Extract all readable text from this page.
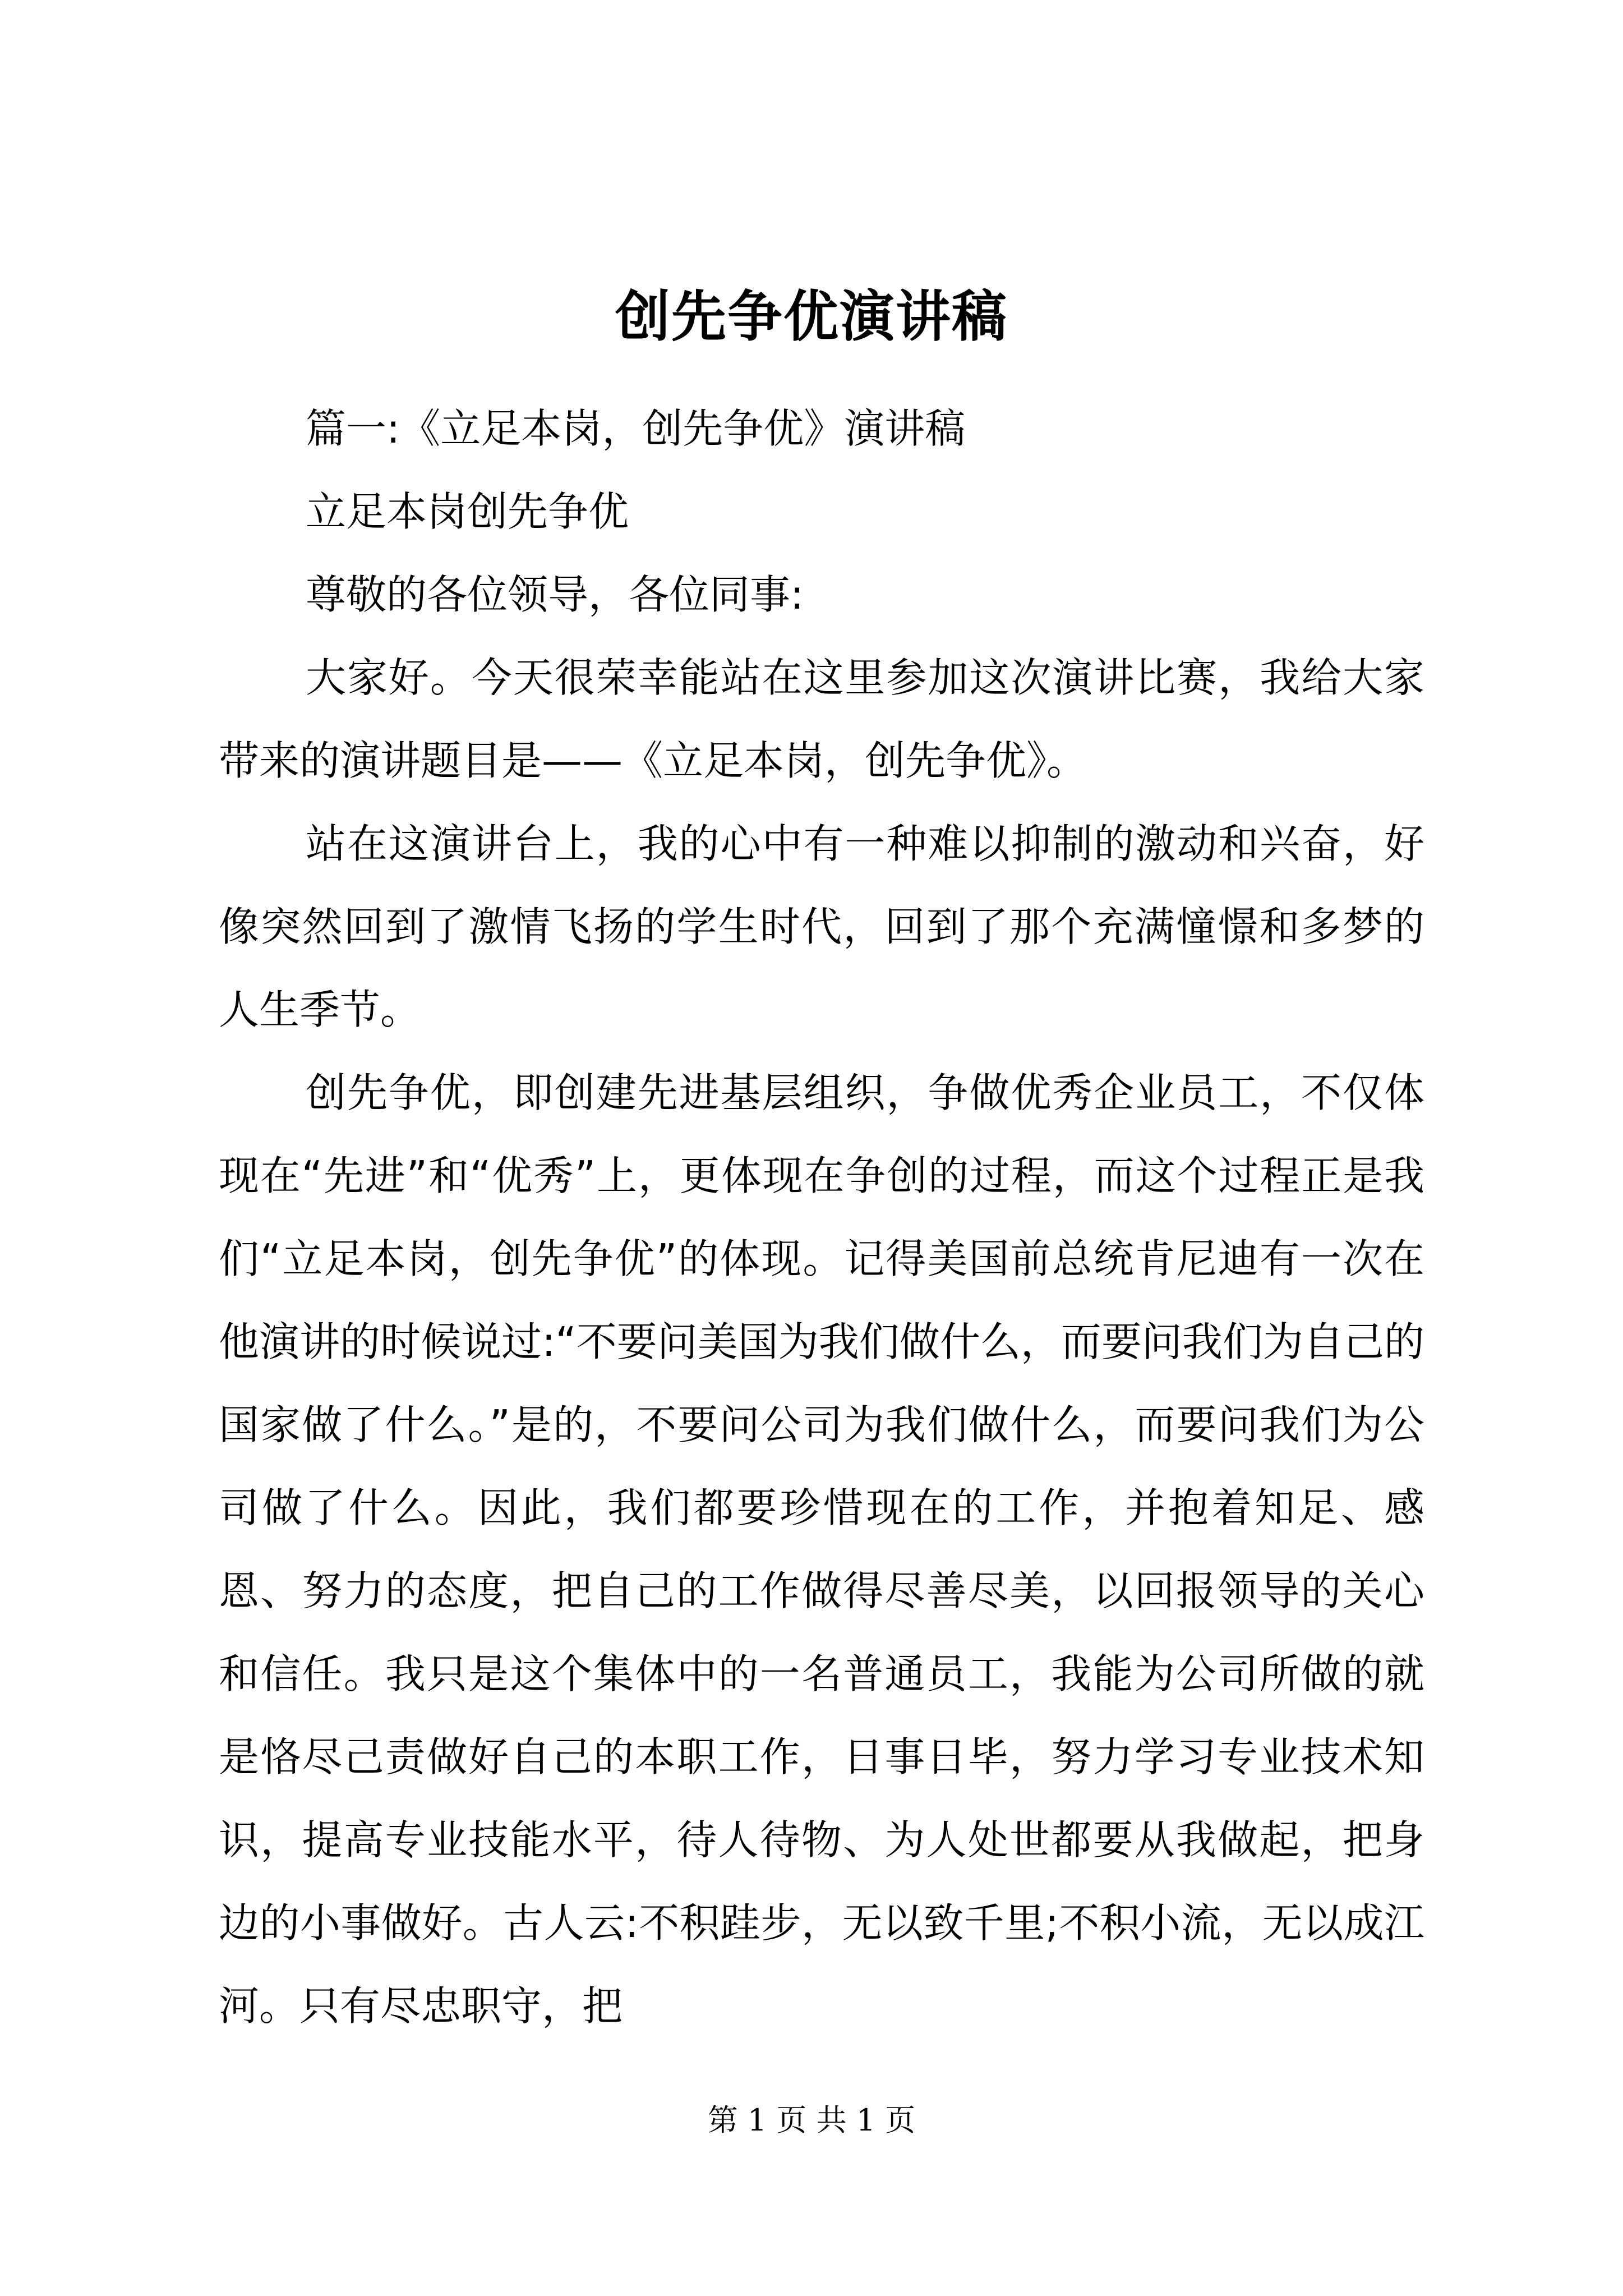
创先争优演讲稿

篇一:《立足本岗，创先争优》演讲稿

立足本岗创先争优

尊敬的各位领导，各位同事:

大家好。今天很荣幸能站在这里参加这次演讲比赛，我给大家带来的演讲题目是——《立足本岗，创先争优》。

站在这演讲台上，我的心中有一种难以抑制的激动和兴奋，好像突然回到了激情飞扬的学生时代，回到了那个充满憧憬和多梦的人生季节。

创先争优，即创建先进基层组织，争做优秀企业员工，不仅体现在“先进”和“优秀”上，更体现在争创的过程，而这个过程正是我们“立足本岗，创先争优”的体现。记得美国前总统肯尼迪有一次在他演讲的时候说过:“不要问美国为我们做什么，而要问我们为自己的国家做了什么。”是的，不要问公司为我们做什么，而要问我们为公司做了什么。因此，我们都要珍惜现在的工作，并抱着知足、感恩、努力的态度，把自己的工作做得尽善尽美，以回报领导的关心和信任。我只是这个集体中的一名普通员工，我能为公司所做的就是恪尽己责做好自己的本职工作，日事日毕，努力学习专业技术知识，提高专业技能水平，待人待物、为人处世都要从我做起，把身边的小事做好。古人云:不积跬步，无以致千里;不积小流，无以成江河。只有尽忠职守，把

第 1 页 共 1 页
